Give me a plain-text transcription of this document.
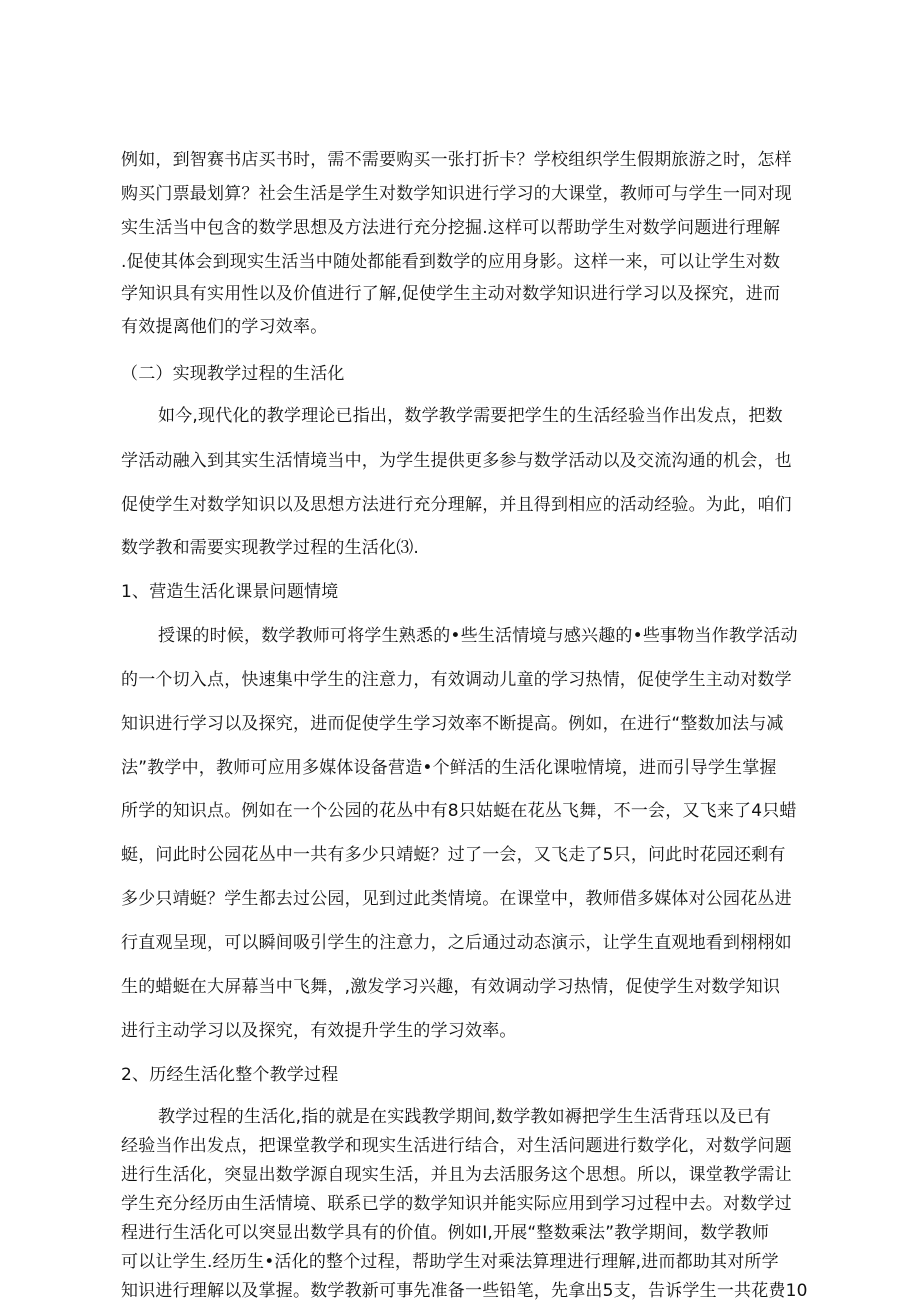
例如，到智赛书店买书时，需不需要购买一张打折卡？学校组织学生假期旅游之时，怎样
购买门票最划算？社会生活是学生对数学知识进行学习的大课堂，教师可与学生一同对现
实生活当中包含的数学思想及方法进行充分挖掘.这样可以帮助学生对数学问题进行理解
.促使其体会到现实生活当中随处都能看到数学的应用身影。这样一来，可以让学生对数
学知识具有实用性以及价值进行了解,促使学生主动对数学知识进行学习以及探究，进而
有效提离他们的学习效率。
（二）实现教学过程的生活化
如今,现代化的教学理论已指出，数学教学需要把学生的生活经验当作出发点，把数
学活动融入到其实生活情境当中，为学生提供更多参与数学活动以及交流沟通的机会，也
促使学生对数学知识以及思想方法进行充分理解，并且得到相应的活动经验。为此，咱们
数学教和需要实现教学过程的生活化⑶.
1、营造生活化课景问题情境
授课的时候，数学教师可将学生熟悉的•些生活情境与感兴趣的•些事物当作教学活动
的一个切入点，快速集中学生的注意力，有效调动儿童的学习热情，促使学生主动对数学
知识进行学习以及探究，进而促使学生学习效率不断提高。例如，在进行“整数加法与减
法”教学中，教师可应用多媒体设备营造•个鲜活的生活化课啦情境，进而引导学生掌握
所学的知识点。例如在一个公园的花丛中有8只姑蜓在花丛飞舞，不一会，又飞来了4只蜡
蜓，问此时公园花丛中一共有多少只靖蜓？过了一会，又飞走了5只，问此时花园还剩有
多少只靖蜓？学生都去过公园，见到过此类情境。在课堂中，教师借多媒体对公园花丛进
行直观呈现，可以瞬间吸引学生的注意力，之后通过动态演示，让学生直观地看到栩栩如
生的蜡蜓在大屏幕当中飞舞，,激发学习兴趣，有效调动学习热情，促使学生对数学知识
进行主动学习以及探究，有效提升学生的学习效率。
2、历经生活化整个教学过程
教学过程的生活化,指的就是在实践教学期间,数学教如褥把学生生活背珏以及已有
经验当作出发点，把课堂教学和现实生活进行结合，对生活问题进行数学化，对数学问题
进行生活化，突显出数学源自现实生活，并且为去活服务这个思想。所以，课堂教学需让
学生充分经历由生活情境、联系已学的数学知识并能实际应用到学习过程中去。对数学过
程进行生活化可以突显出数学具有的价值。例如I,开展“整数乘法”教学期间，数学教师
可以让学生.经历生•活化的整个过程，帮助学生对乘法算理进行理解,进而都助其对所学
知识进行理解以及掌握。数学教新可事先准备一些铅笔，先拿出5支，告诉学生一共花费10
